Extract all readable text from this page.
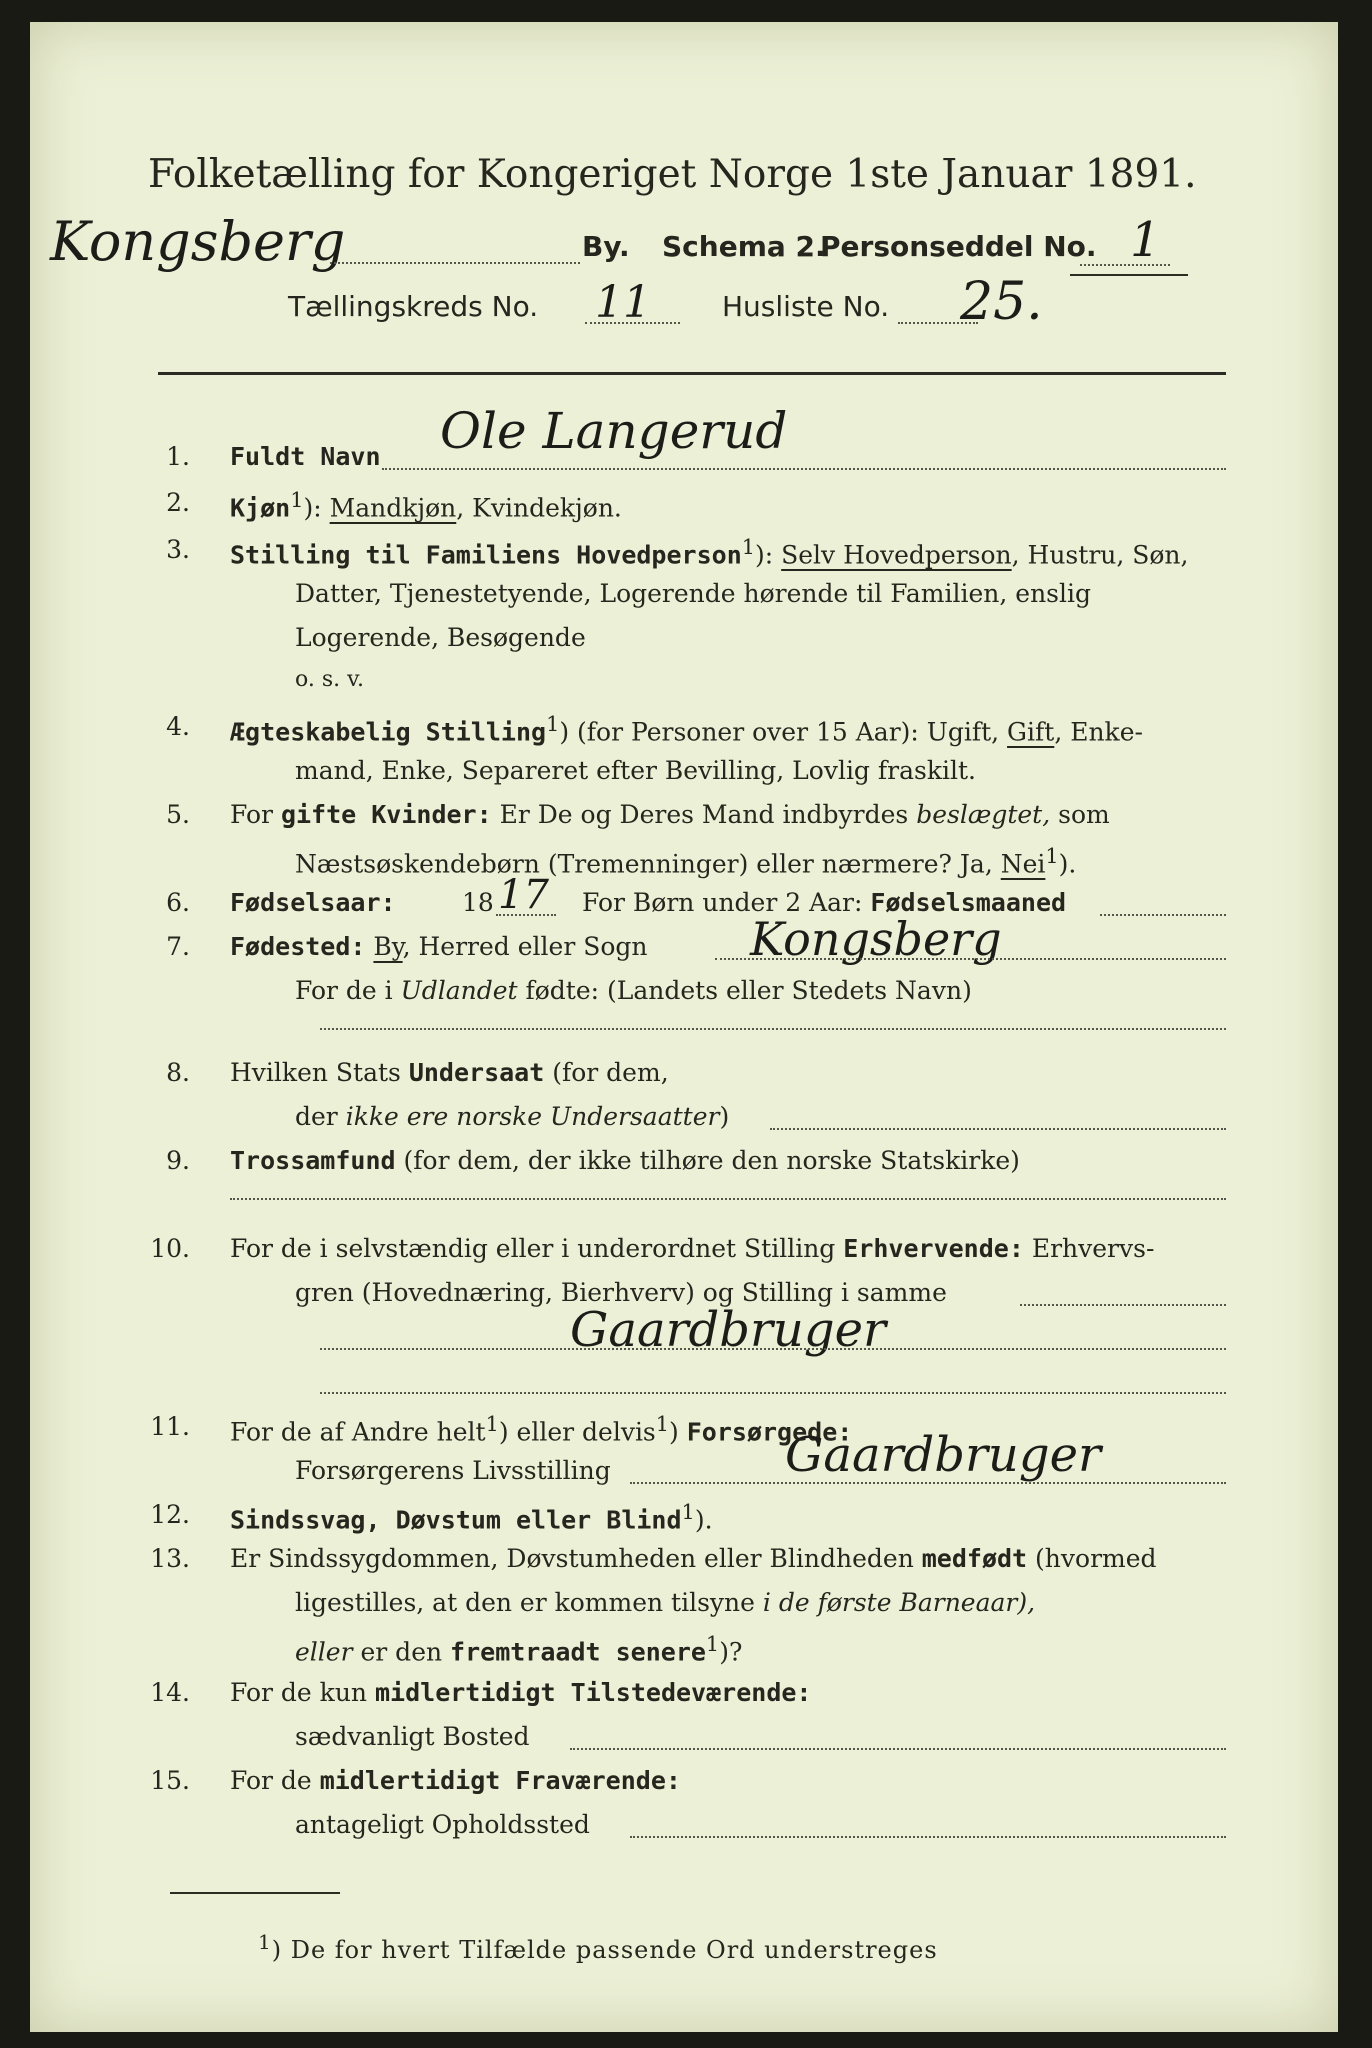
Folketælling for Kongeriget Norge 1ste Januar 1891.
Kongsberg	By. Schema 2.
Personseddel No. 1
Tællingskreds No. 11	Husliste No. 25.
1. Fuldt Navn Ole Langerud
2. Kjøn$^1$): Mandkjøn, Kvindekjøn.
3. Stilling til Familiens Hovedperson$^1$): Selv Hovedperson, Hustru, Søn,
Datter, Tjenestetyende, Logerende hørende til Familien, enslig
Logerende, Besøgende
o. s. v.
4. Ægteskabelig Stilling$^1$) (for Personer over 15 Aar): Ugift, Gift, Enke-
mand, Enke, Separeret efter Bevilling, Lovlig fraskilt.
5. For gifte Kvinder: Er De og Deres Mand indbyrdes beslægtet, som
Næstsøskendebørn (Tremenninger) eller nærmere? Ja, Nei$^1$).
6. Fødselsaar:	18 17 For Børn under 2 Aar: Fødselsmaaned
7. Fødested: By, Herred eller Sogn Kongsberg
For de i Udlandet fødte: (Landets eller Stedets Navn)
8. Hvilken Stats Undersaat (for dem,
der ikke ere norske Undersaatter)
9. Trossamfund (for dem, der ikke tilhøre den norske Statskirke)
10. For de i selvstændig eller i underordnet Stilling Erhvervende: Erhvervs-
gren (Hovednæring, Bierhverv) og Stilling i samme
Gaardbruger
11. For de af Andre helt$^1$) eller delvis$^1$) Forsørgede:
Forsørgerens Livsstilling	Gaardbruger
12. Sindssvag, Døvstum eller Blind$^1$).
13. Er Sindssygdommen, Døvstumheden eller Blindheden medfødt (hvormed
ligestilles, at den er kommen tilsyne i de første Barneaar),
eller er den fremtraadt senere$^1$)?
14. For de kun midlertidigt Tilstedeværende:
sædvanligt Bosted
15. For de midlertidigt Fraværende:
antageligt Opholdssted
$^1$) De for hvert Tilfælde passende Ord understreges
